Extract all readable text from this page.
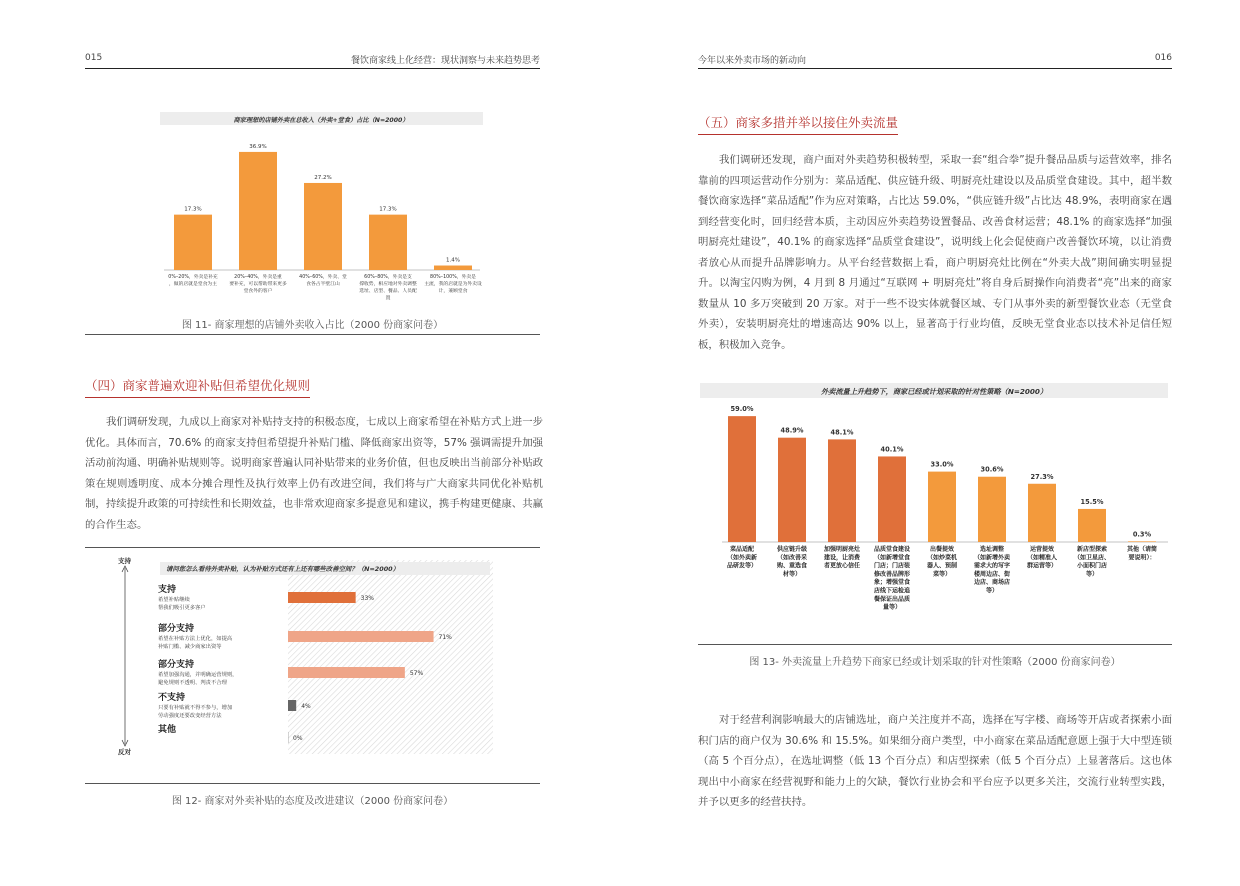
015	餐饮商家线上化经营：现状洞察与未来趋势思考
商家理想的店铺外卖在总收入（外卖+堂食）占比（N=2000）
17.3%
0%–20%，外卖是补充
，做的店就是堂食为主
36.9%
20%–40%，外卖是重
要补充，可以帮助带来更多
堂食外的客户
27.2%
40%–60%，外卖、堂
食各占半壁江山
17.3%
60%–80%，外卖是支
撑收势，相应地对外卖调整
选址、店型、餐品、人员配
置
1.4%
80%–100%，外卖是
主流，我的店就是为外卖设
计，兼顾堂食
图 11- 商家理想的店铺外卖收入占比（2000 份商家问卷）
（四）商家普遍欢迎补贴但希望优化规则

我们调研发现，九成以上商家对补贴持支持的积极态度，七成以上商家希望在补贴方式上进一步优化。具体而言，70.6% 的商家支持但希望提升补贴门槛、降低商家出资等，57% 强调需提升加强活动前沟通、明确补贴规则等。说明商家普遍认同补贴带来的业务价值，但也反映出当前部分补贴政策在规则透明度、成本分摊合理性及执行效率上仍有改进空间，我们将与广大商家共同优化补贴机制，持续提升政策的可持续性和长期效益，也非常欢迎商家多提意见和建议，携手构建更健康、共赢的合作生态。

请问您怎么看待外卖补贴，认为补贴方式还有上还有哪些改善空间？（N=2000）
支持
反对
支持
希望补贴继续
帮我们吸引更多客户
33%
部分支持
希望在补贴方法上优化，如提高
补贴门槛、减少商家出资等
71%
部分支持
希望加强沟通，并明确运营规则，
避免规则不透明、判责不合理
57%
不支持
只要有补贴就不得不参与，增加
劳动强度还要改变经营方法
4%
其他
0%
图 12- 商家对外卖补贴的态度及改进建议（2000 份商家问卷）
今年以来外卖市场的新动向	016
（五）商家多措并举以接住外卖流量

我们调研还发现，商户面对外卖趋势积极转型，采取一套“组合拳”提升餐品品质与运营效率，排名靠前的四项运营动作分别为：菜品适配、供应链升级、明厨亮灶建设以及品质堂食建设。其中，超半数餐饮商家选择“菜品适配”作为应对策略，占比达 59.0%，“供应链升级”占比达 48.9%，表明商家在遇到经营变化时，回归经营本质，主动因应外卖趋势设置餐品、改善食材运营；48.1% 的商家选择“加强明厨亮灶建设”，40.1% 的商家选择“品质堂食建设”，说明线上化会促使商户改善餐饮环境，以让消费者放心从而提升品牌影响力。从平台经营数据上看，商户明厨亮灶比例在“外卖大战”期间确实明显提升。以淘宝闪购为例，4 月到 8 月通过“互联网 + 明厨亮灶”将自身后厨操作向消费者“亮”出来的商家数量从 10 多万突破到 20 万家。对于一些不设实体就餐区域、专门从事外卖的新型餐饮业态（无堂食外卖），安装明厨亮灶的增速高达 90% 以上，显著高于行业均值，反映无堂食业态以技术补足信任短板，积极加入竞争。

外卖流量上升趋势下，商家已经或计划采取的针对性策略（N=2000）
59.0%
菜品适配
（如外卖新
品研发等）
48.9%
供应链升级
（如改善采
购、重选食
材等）
48.1%
加强明厨亮灶
建设，让消费
者更放心信任
40.1%
品质堂食建设
（如新增堂食
门店；门店装
修改善品牌形
象；增强堂食
店线下运检追
餐保证出品质
量等）
33.0%
出餐提效
（如炒菜机
器人、预制
菜等）
30.6%
选址调整
（如新增外卖
需求大的写字
楼周边店、街
边店、商场店
等）
27.3%
运营提效
（如精准人
群运营等）
15.5%
新店型探索
（如卫星店、
小面积门店
等）
0.3%
其他（请简
要说明）：
图 13- 外卖流量上升趋势下商家已经或计划采取的针对性策略（2000 份商家问卷）

对于经营利润影响最大的店铺选址，商户关注度并不高，选择在写字楼、商场等开店或者探索小面积门店的商户仅为 30.6% 和 15.5%。如果细分商户类型，中小商家在菜品适配意愿上强于大中型连锁（高 5 个百分点），在选址调整（低 13 个百分点）和店型探索（低 5 个百分点）上显著落后。这也体现出中小商家在经营视野和能力上的欠缺，餐饮行业协会和平台应予以更多关注，交流行业转型实践，并予以更多的经营扶持。
